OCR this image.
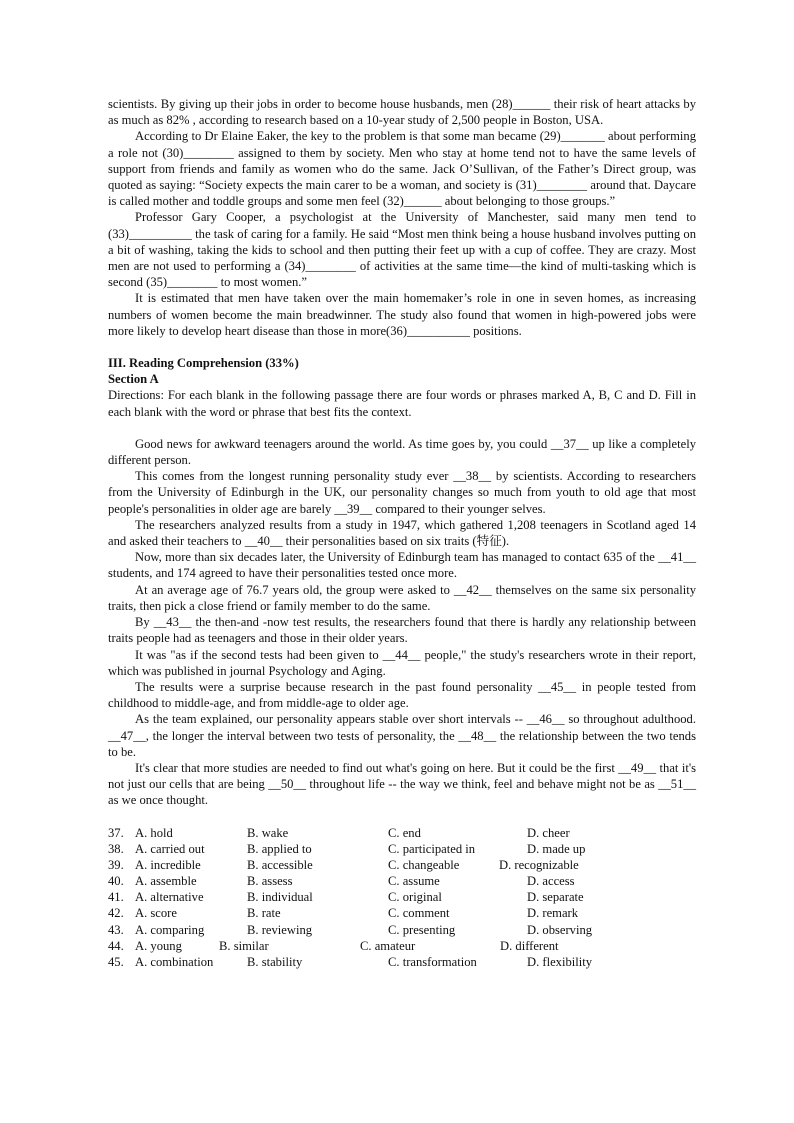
scientists. By giving up their jobs in order to become house husbands, men (28)______ their risk of heart attacks by as much as 82% , according to research based on a 10-year study of 2,500 people in Boston, USA.

According to Dr Elaine Eaker, the key to the problem is that some man became (29)_______ about performing a role not (30)________ assigned to them by society. Men who stay at home tend not to have the same levels of support from friends and family as women who do the same. Jack O’Sullivan, of the Father’s Direct group, was quoted as saying: “Society expects the main carer to be a woman, and society is (31)________ around that. Daycare is called mother and toddle groups and some men feel (32)______ about belonging to those groups.”

Professor Gary Cooper, a psychologist at the University of Manchester, said many men tend to (33)__________ the task of caring for a family. He said “Most men think being a house husband involves putting on a bit of washing, taking the kids to school and then putting their feet up with a cup of coffee. They are crazy. Most men are not used to performing a (34)________ of activities at the same time—the kind of multi-tasking which is second (35)________ to most women.”

It is estimated that men have taken over the main homemaker’s role in one in seven homes, as increasing numbers of women become the main breadwinner. The study also found that women in high-powered jobs were more likely to develop heart disease than those in more(36)__________ positions.

III. Reading Comprehension (33%)

Section A

Directions: For each blank in the following passage there are four words or phrases marked A, B, C and D. Fill in each blank with the word or phrase that best fits the context.

Good news for awkward teenagers around the world. As time goes by, you could __37__ up like a completely different person.

This comes from the longest running personality study ever __38__ by scientists. According to researchers from the University of Edinburgh in the UK, our personality changes so much from youth to old age that most people's personalities in older age are barely __39__ compared to their younger selves.

The researchers analyzed results from a study in 1947, which gathered 1,208 teenagers in Scotland aged 14 and asked their teachers to __40__ their personalities based on six traits (特征).

Now, more than six decades later, the University of Edinburgh team has managed to contact 635 of the __41__ students, and 174 agreed to have their personalities tested once more.

At an average age of 76.7 years old, the group were asked to __42__ themselves on the same six personality traits, then pick a close friend or family member to do the same.

By __43__ the then-and -now test results, the researchers found that there is hardly any relationship between traits people had as teenagers and those in their older years.

It was "as if the second tests had been given to __44__ people," the study's researchers wrote in their report, which was published in journal Psychology and Aging.

The results were a surprise because research in the past found personality __45__ in people tested from childhood to middle-age, and from middle-age to older age.

As the team explained, our personality appears stable over short intervals -- __46__ so throughout adulthood. __47__, the longer the interval between two tests of personality, the __48__ the relationship between the two tends to be.

It's clear that more studies are needed to find out what's going on here. But it could be the first __49__ that it's not just our cells that are being __50__ throughout life -- the way we think, feel and behave might not be as __51__ as we once thought.

37. A. hold	B. wake	C. end	D. cheer
38. A. carried out	B. applied to	C. participated in	D. made up
39. A. incredible	B. accessible	C. changeable	D. recognizable
40. A. assemble	B. assess	C. assume	D. access
41. A. alternative	B. individual	C. original	D. separate
42. A. score	B. rate	C. comment	D. remark
43. A. comparing	B. reviewing	C. presenting	D. observing
44. A. young	B. similar	C. amateur	D. different
45. A. combination	B. stability	C. transformation	D. flexibility
